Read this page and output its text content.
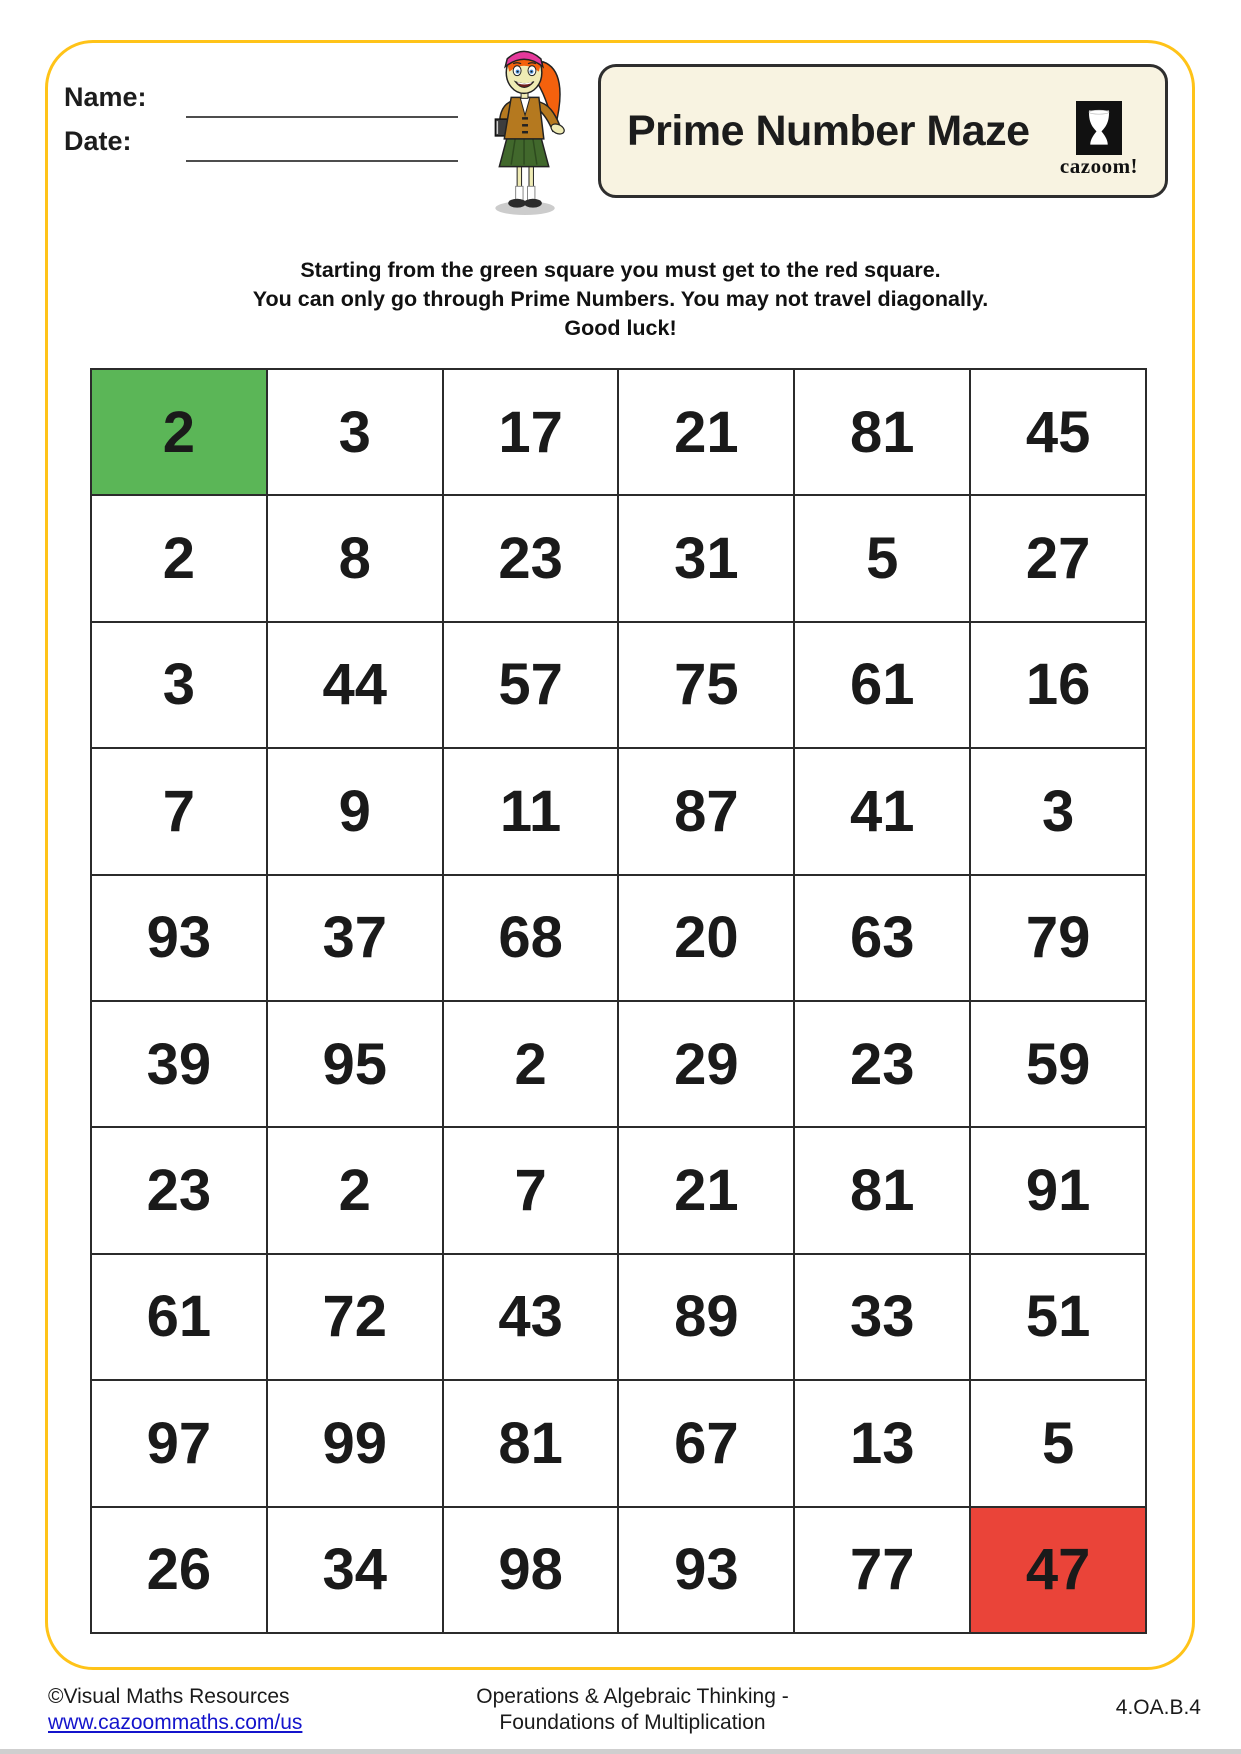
Name:
Date:	Prime Number Maze
cazoom!
Starting from the green square you must get to the red square.
You can only go through Prime Numbers. You may not travel diagonally.
Good luck!
2	3	17	21	81	45
2	8	23	31	5	27
3	44	57	75	61	16
7	9	11	87	41	3
93	37	68	20	63	79
39	95	2	29	23	59
23	2	7	21	81	91
61	72	43	89	33	51
97	99	81	67	13	5
26	34	98	93	77	47
©Visual Maths Resources
www.cazoommaths.com/us
Operations & Algebraic Thinking -
Foundations of Multiplication
4.OA.B.4
